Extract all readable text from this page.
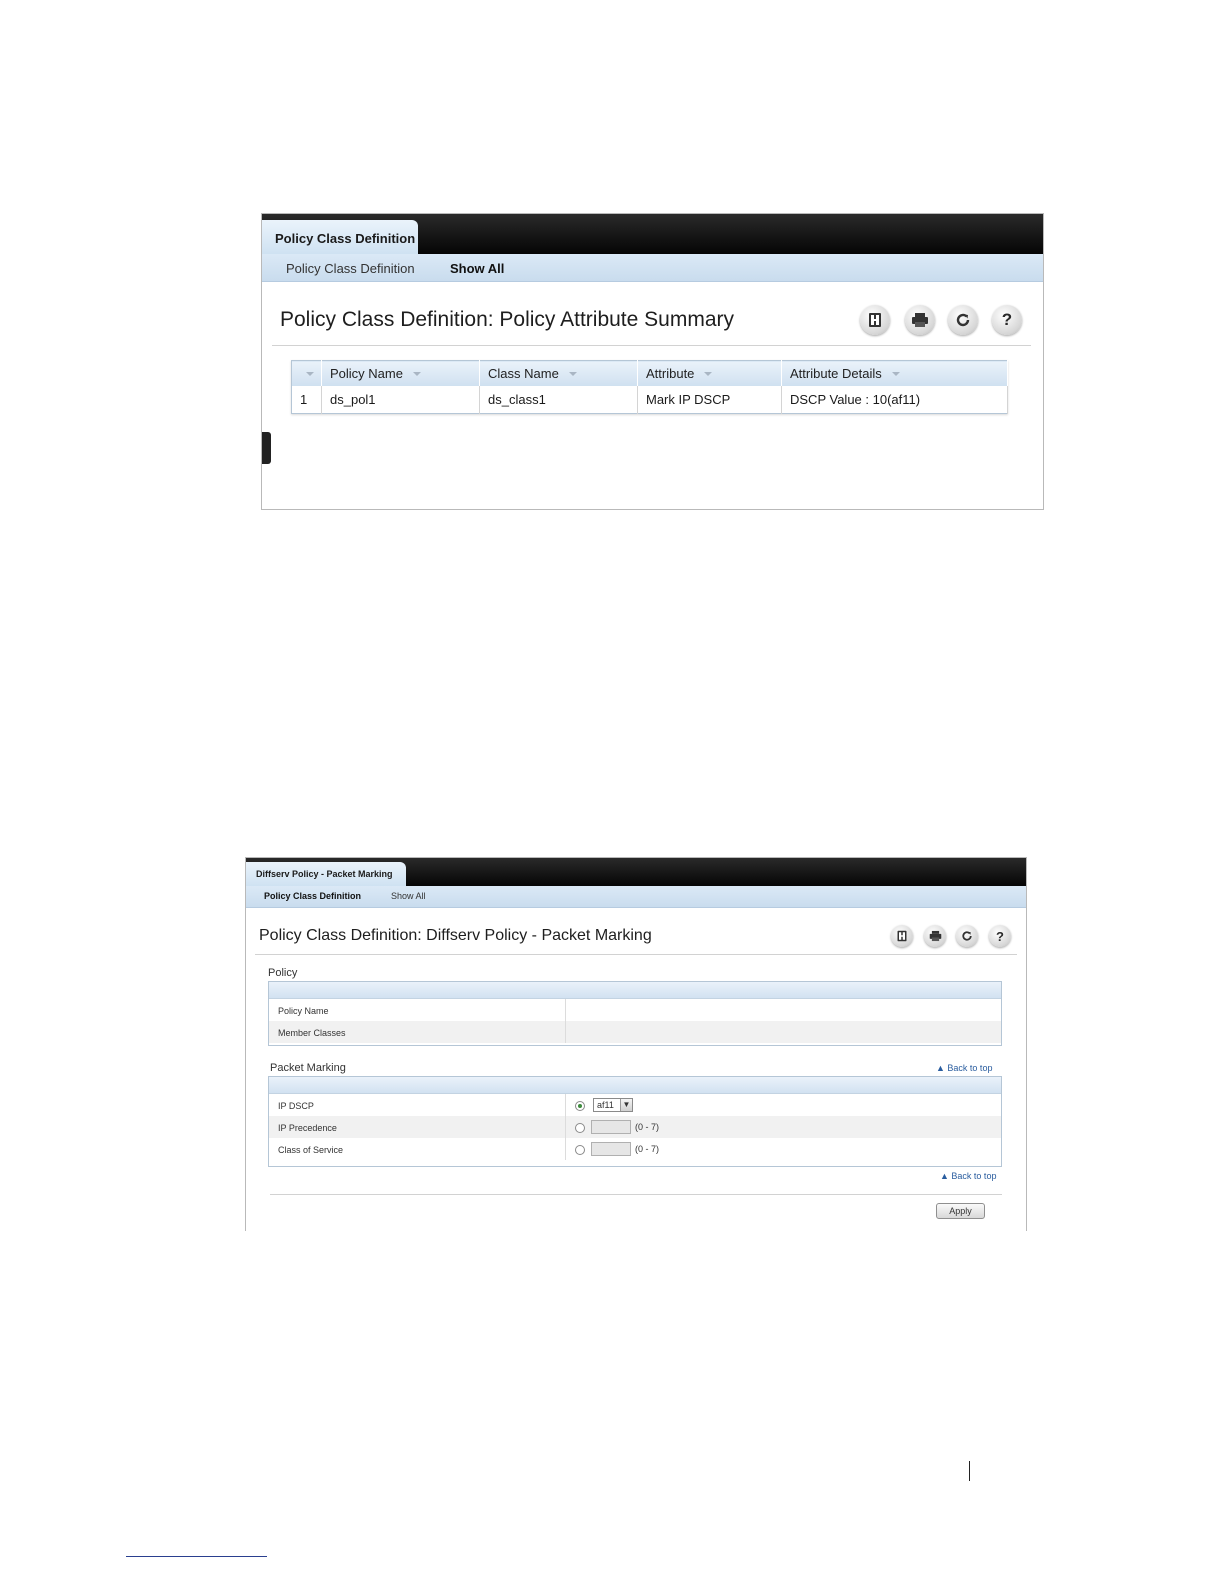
Policy Class Definition
Policy Class Definition	Show All
Policy Class Definition: Policy Attribute Summary	?
	Policy Name	Class Name	Attribute	Attribute Details
1	ds_pol1	ds_class1	Mark IP DSCP	DSCP Value : 10(af11)
Diffserv Policy - Packet Marking
Policy Class Definition	Show All
Policy Class Definition: Diffserv Policy - Packet Marking	?
Policy
Policy Name
Member Classes
Packet Marking	▲ Back to top
IP DSCP	af11	▼
IP Precedence	(0 - 7)
Class of Service	(0 - 7)
▲ Back to top
Apply
